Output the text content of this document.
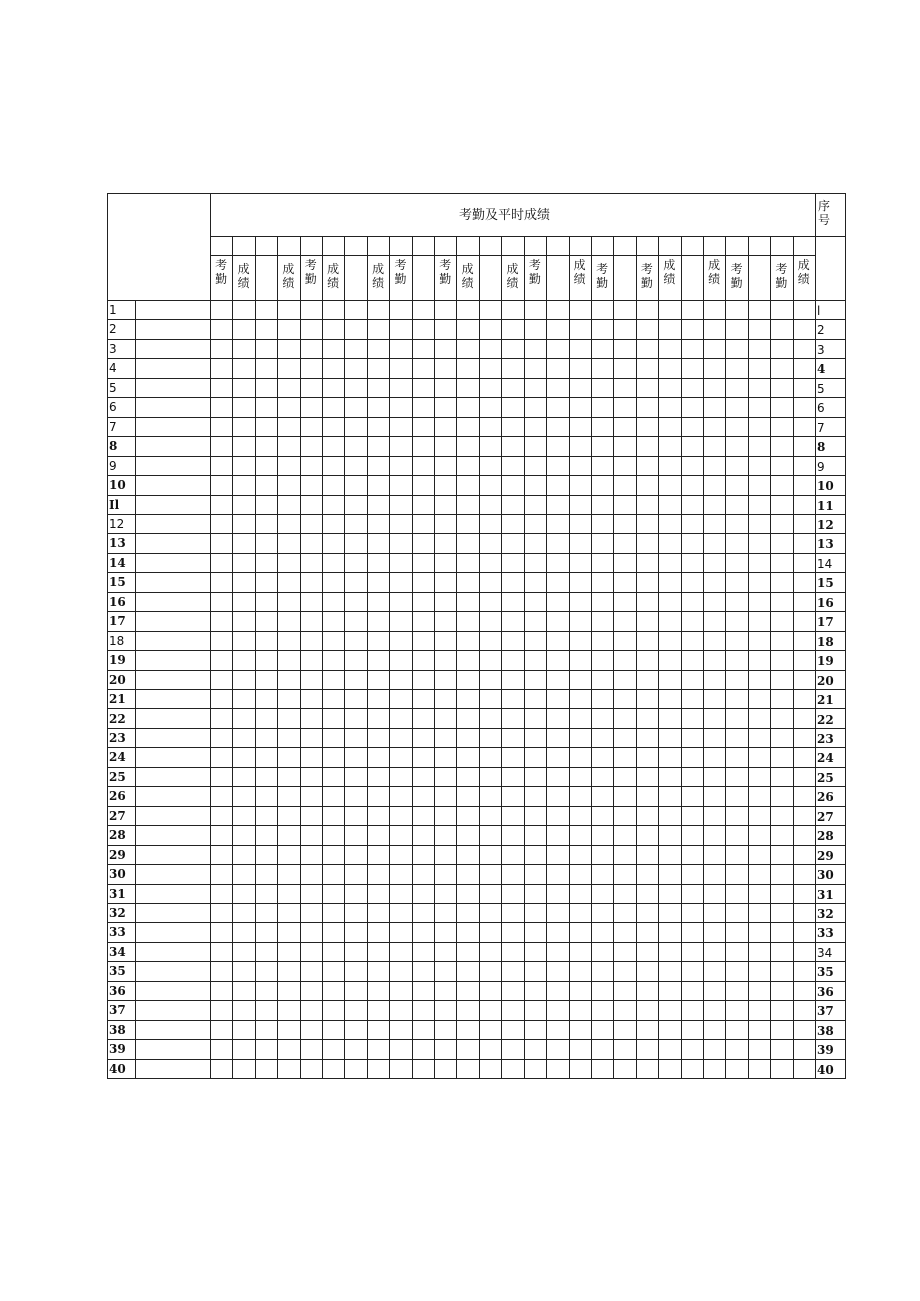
考勤及平时成绩
序号
考勤
成绩
成绩
考勤
成绩
成绩
考勤
考勤
成绩
成绩
考勤
成绩
考勤
考勤
成绩
成绩
考勤
考勤
成绩
1
2
3
4
5
6
7
8
9
10
Il
12
13
14
15
16
17
18
19
20
21
22
23
24
25
26
27
28
29
30
31
32
33
34
35
36
37
38
39
40
l
2
3
4
5
6
7
8
9
10
11
12
13
14
15
16
17
18
19
20
21
22
23
24
25
26
27
28
29
30
31
32
33
34
35
36
37
38
39
40
